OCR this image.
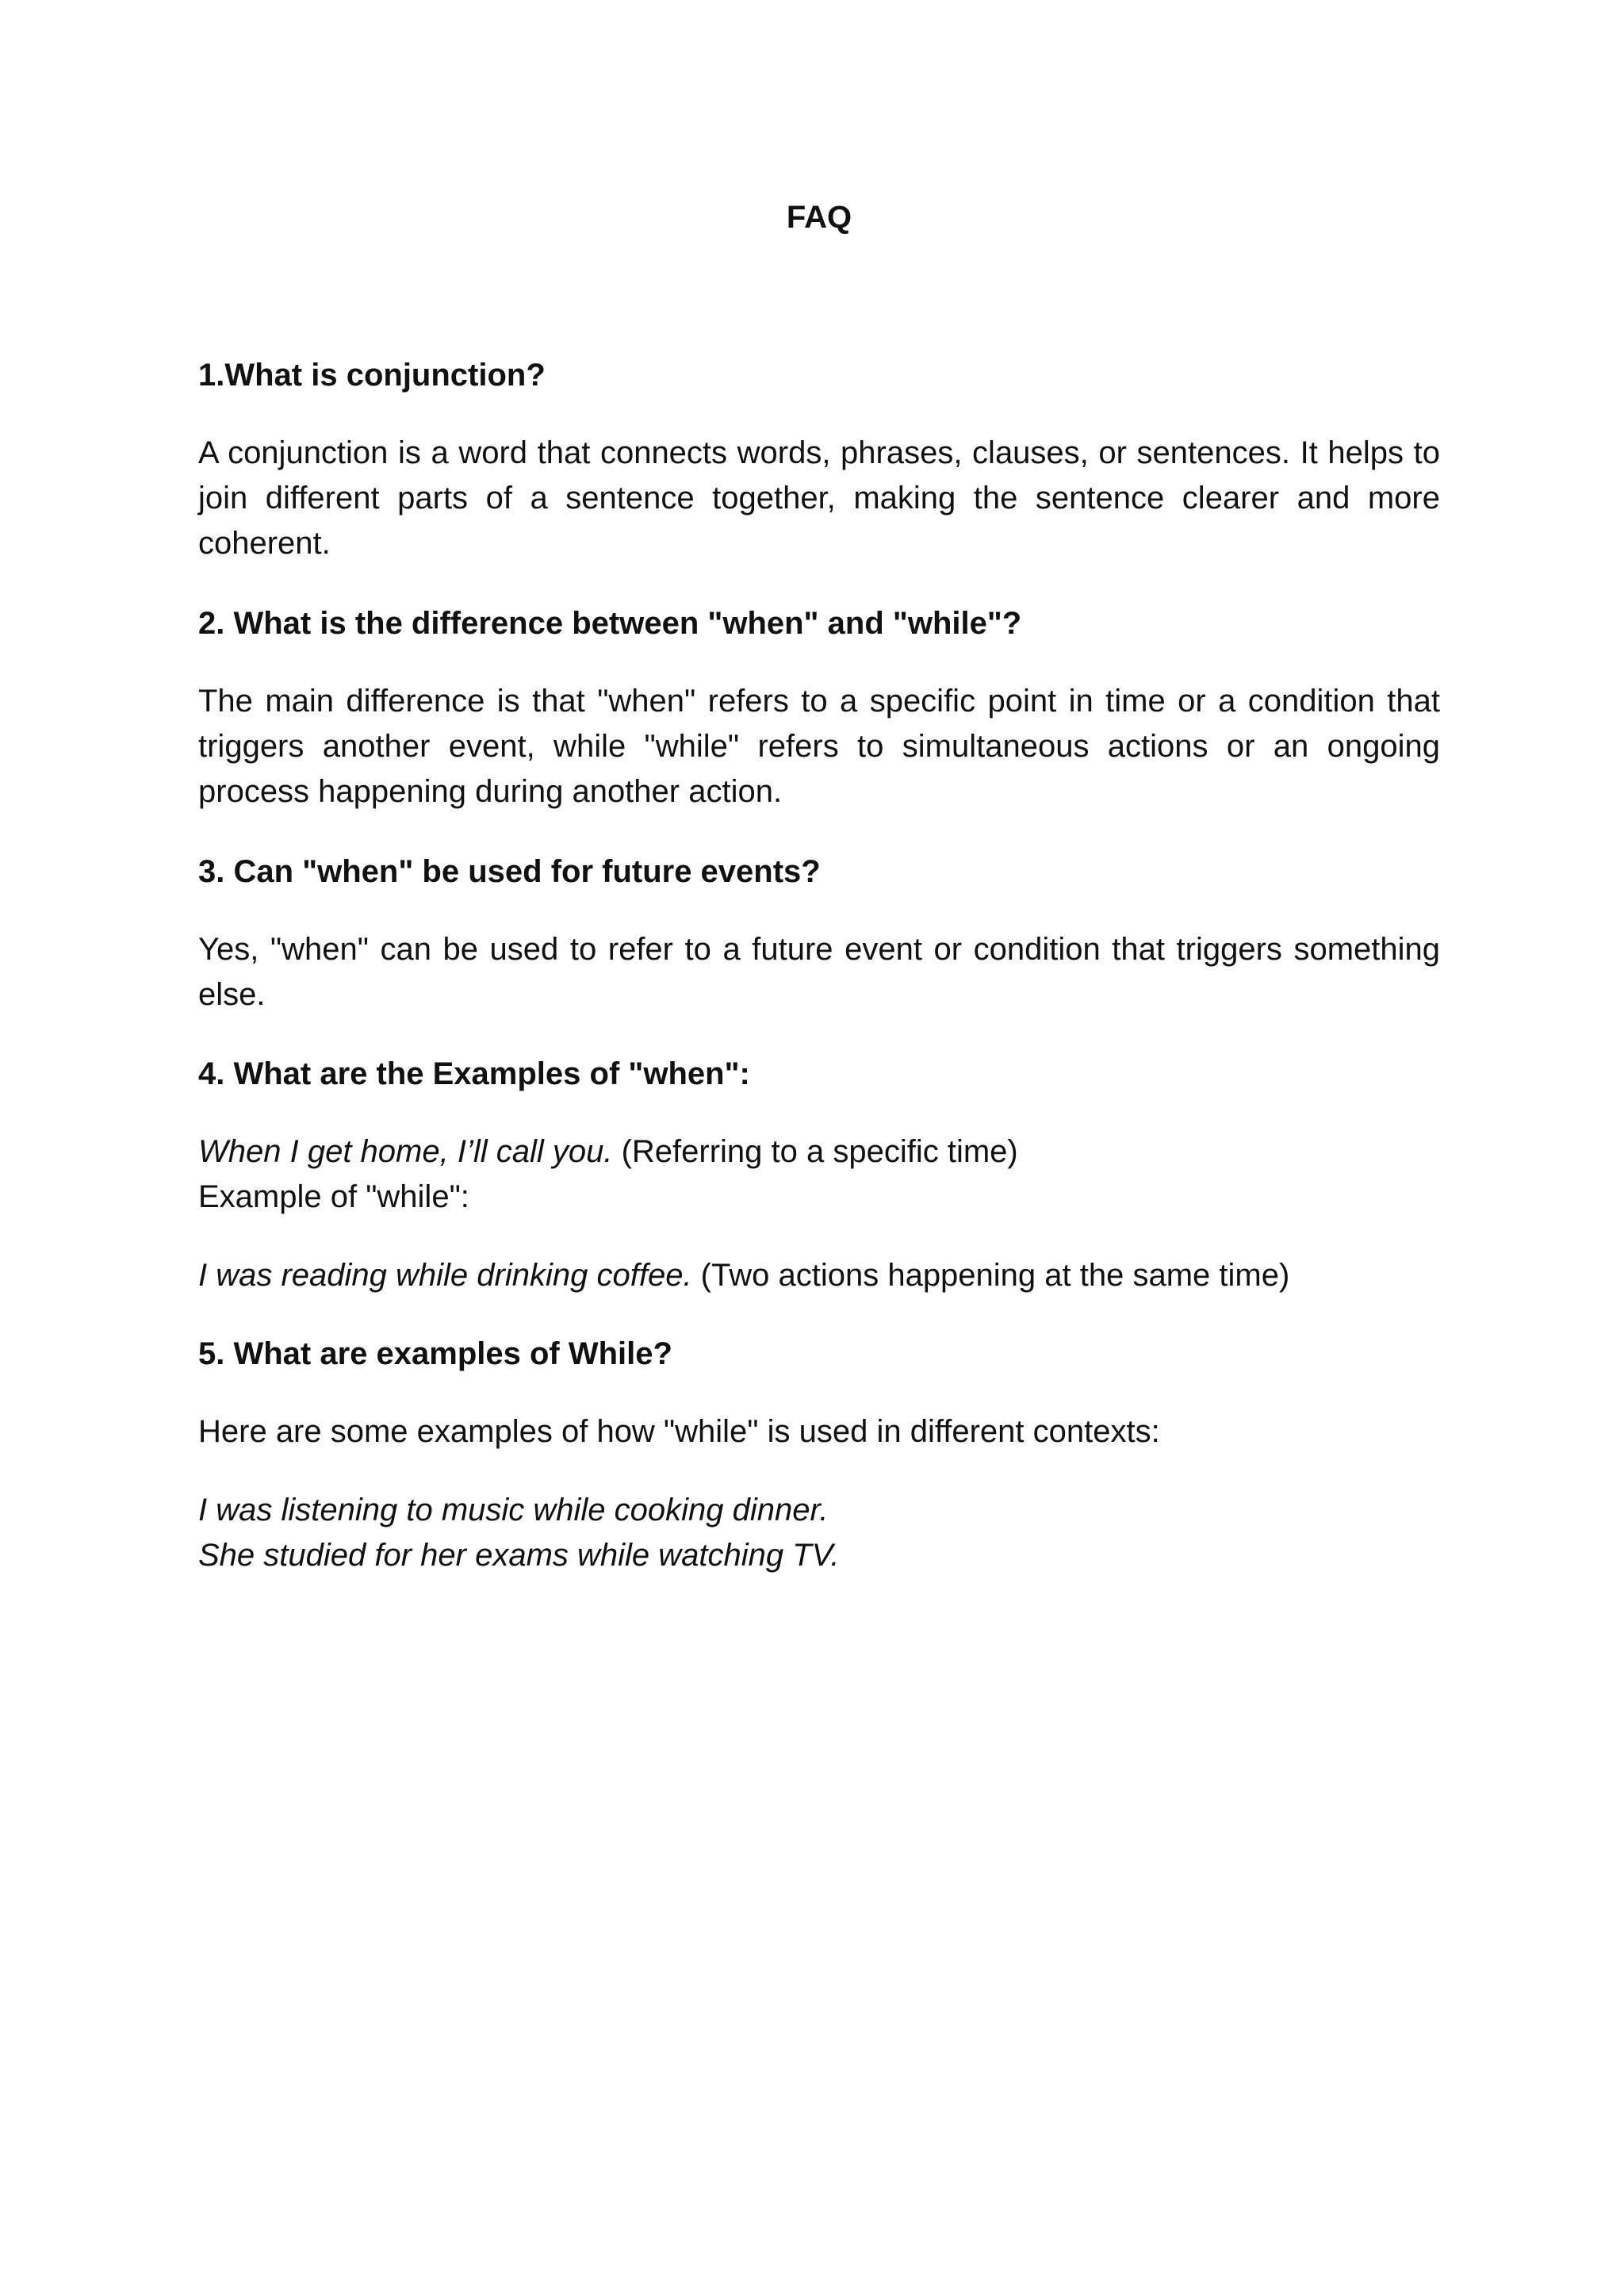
FAQ

1.What is conjunction?

A conjunction is a word that connects words, phrases, clauses, or sentences. It helps to join different parts of a sentence together, making the sentence clearer and more coherent.

2. What is the difference between "when" and "while"?

The main difference is that "when" refers to a specific point in time or a condition that triggers another event, while "while" refers to simultaneous actions or an ongoing process happening during another action.

3. Can "when" be used for future events?

Yes, "when" can be used to refer to a future event or condition that triggers something else.

4. What are the Examples of "when":

When I get home, I’ll call you. (Referring to a specific time)
Example of "while":

I was reading while drinking coffee. (Two actions happening at the same time)

5. What are examples of While?

Here are some examples of how "while" is used in different contexts:

I was listening to music while cooking dinner.
She studied for her exams while watching TV.
